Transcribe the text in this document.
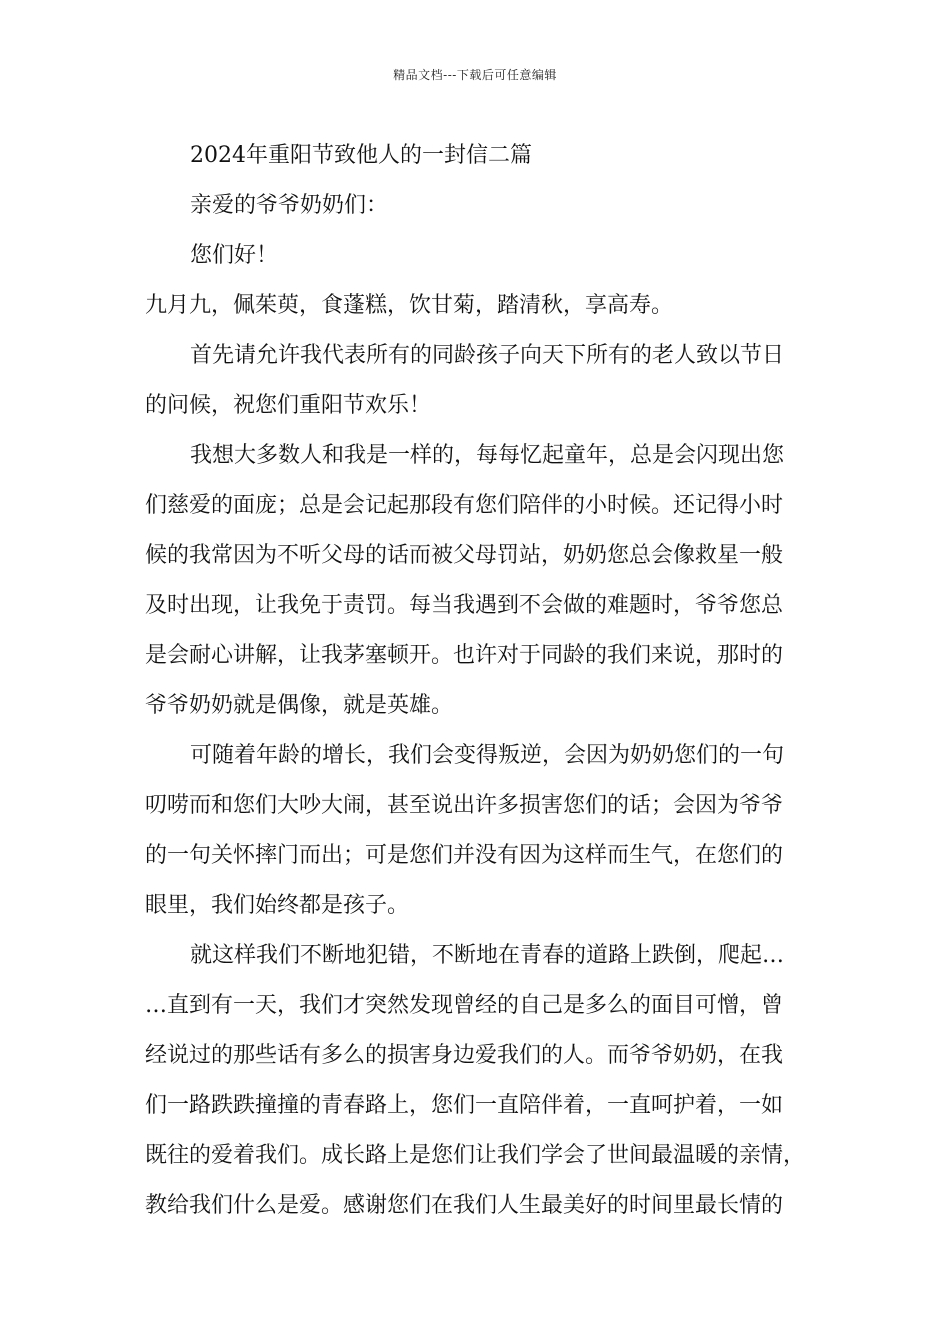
精品文档---下载后可任意编辑
2024年重阳节致他人的一封信二篇
亲爱的爷爷奶奶们：
您们好！
九月九，佩茱萸，食蓬糕，饮甘菊，踏清秋，享高寿。
首先请允许我代表所有的同龄孩子向天下所有的老人致以节日
的问候，祝您们重阳节欢乐！
我想大多数人和我是一样的，每每忆起童年，总是会闪现出您
们慈爱的面庞；总是会记起那段有您们陪伴的小时候。还记得小时
候的我常因为不听父母的话而被父母罚站，奶奶您总会像救星一般
及时出现，让我免于责罚。每当我遇到不会做的难题时，爷爷您总
是会耐心讲解，让我茅塞顿开。也许对于同龄的我们来说，那时的
爷爷奶奶就是偶像，就是英雄。
可随着年龄的增长，我们会变得叛逆，会因为奶奶您们的一句
叨唠而和您们大吵大闹，甚至说出许多损害您们的话；会因为爷爷
的一句关怀摔门而出；可是您们并没有因为这样而生气，在您们的
眼里，我们始终都是孩子。
就这样我们不断地犯错，不断地在青春的道路上跌倒，爬起…
…直到有一天，我们才突然发现曾经的自己是多么的面目可憎，曾
经说过的那些话有多么的损害身边爱我们的人。而爷爷奶奶，在我
们一路跌跌撞撞的青春路上，您们一直陪伴着，一直呵护着，一如
既往的爱着我们。成长路上是您们让我们学会了世间最温暖的亲情，
教给我们什么是爱。感谢您们在我们人生最美好的时间里最长情的
